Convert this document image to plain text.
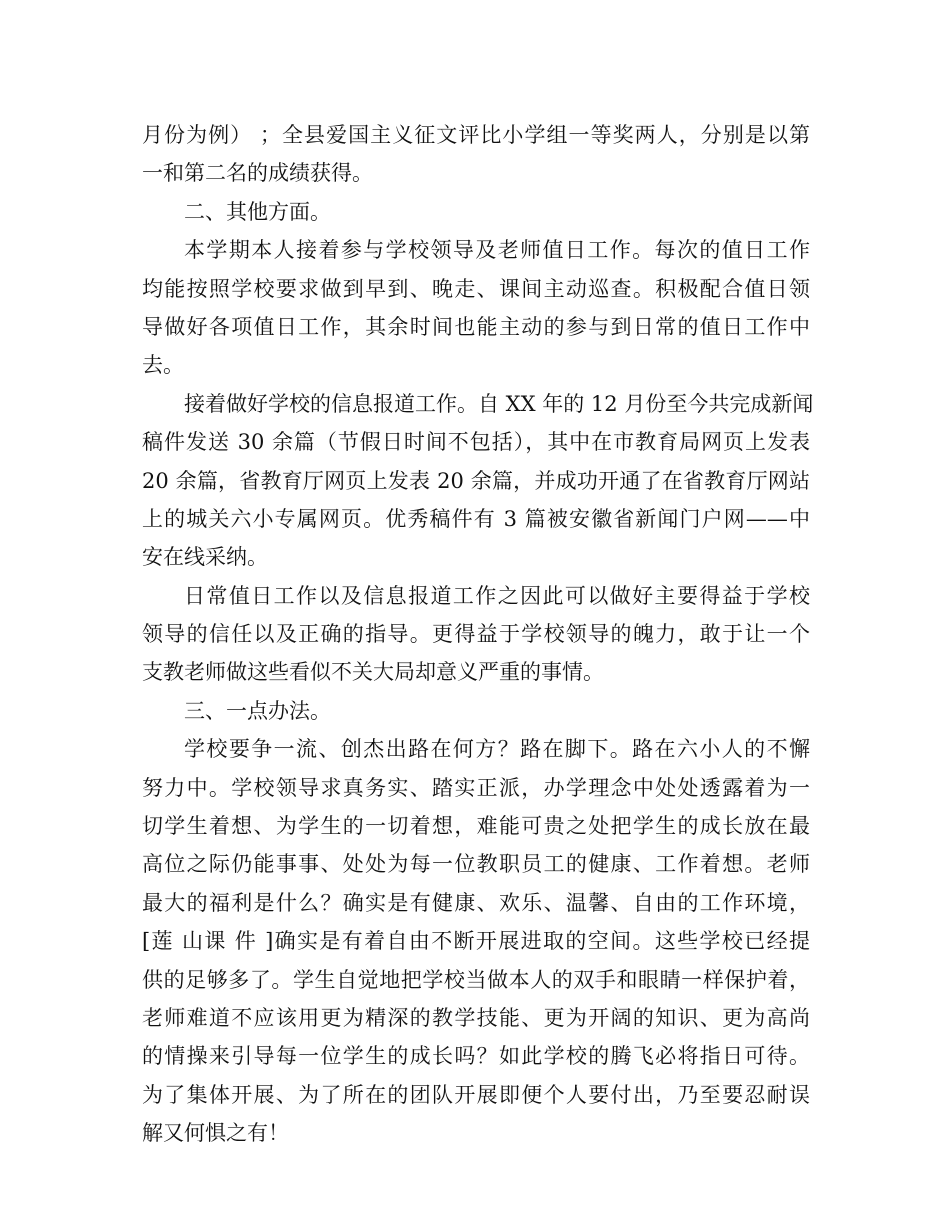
月份为例） ；全县爱国主义征文评比小学组一等奖两人，分别是以第
一和第二名的成绩获得。
二、其他方面。
本学期本人接着参与学校领导及老师值日工作。每次的值日工作
均能按照学校要求做到早到、晚走、课间主动巡查。积极配合值日领
导做好各项值日工作，其余时间也能主动的参与到日常的值日工作中
去。
接着做好学校的信息报道工作。自 XX 年的 12 月份至今共完成新闻
稿件发送 30 余篇（节假日时间不包括），其中在市教育局网页上发表
20 余篇，省教育厅网页上发表 20 余篇，并成功开通了在省教育厅网站
上的城关六小专属网页。优秀稿件有 3 篇被安徽省新闻门户网——中
安在线采纳。
日常值日工作以及信息报道工作之因此可以做好主要得益于学校
领导的信任以及正确的指导。更得益于学校领导的魄力，敢于让一个
支教老师做这些看似不关大局却意义严重的事情。
三、一点办法。
学校要争一流、创杰出路在何方？路在脚下。路在六小人的不懈
努力中。学校领导求真务实、踏实正派，办学理念中处处透露着为一
切学生着想、为学生的一切着想，难能可贵之处把学生的成长放在最
高位之际仍能事事、处处为每一位教职员工的健康、工作着想。老师
最大的福利是什么？确实是有健康、欢乐、温馨、自由的工作环境，
[莲 山课 件 ]确实是有着自由不断开展进取的空间。这些学校已经提
供的足够多了。学生自觉地把学校当做本人的双手和眼睛一样保护着，
老师难道不应该用更为精深的教学技能、更为开阔的知识、更为高尚
的情操来引导每一位学生的成长吗？如此学校的腾飞必将指日可待。
为了集体开展、为了所在的团队开展即便个人要付出，乃至要忍耐误
解又何惧之有！
